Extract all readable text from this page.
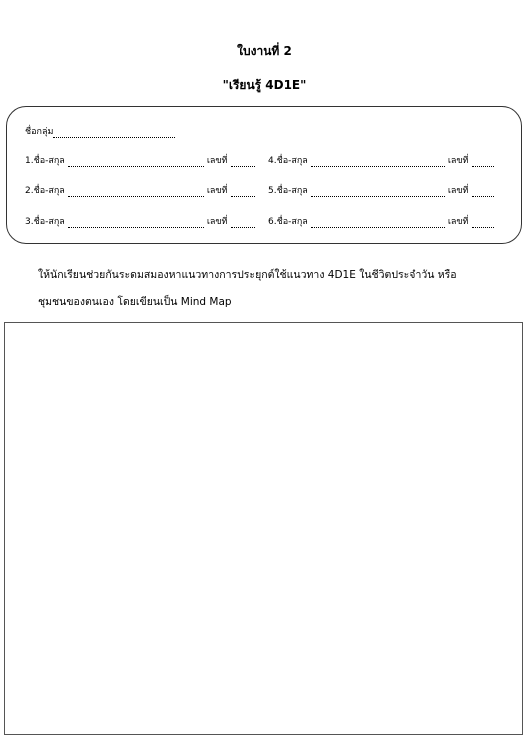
ใบงานที่ 2
"เรียนรู้ 4D1E"
ชื่อกลุ่ม
1.ชื่อ-สกุล	เลขที่
2.ชื่อ-สกุล	เลขที่
3.ชื่อ-สกุล	เลขที่
4.ชื่อ-สกุล	เลขที่
5.ชื่อ-สกุล	เลขที่
6.ชื่อ-สกุล	เลขที่
ให้นักเรียนช่วยกันระดมสมองหาแนวทางการประยุกต์ใช้แนวทาง 4D1E ในชีวิตประจำวัน หรือ
ชุมชนของตนเอง โดยเขียนเป็น Mind Map
